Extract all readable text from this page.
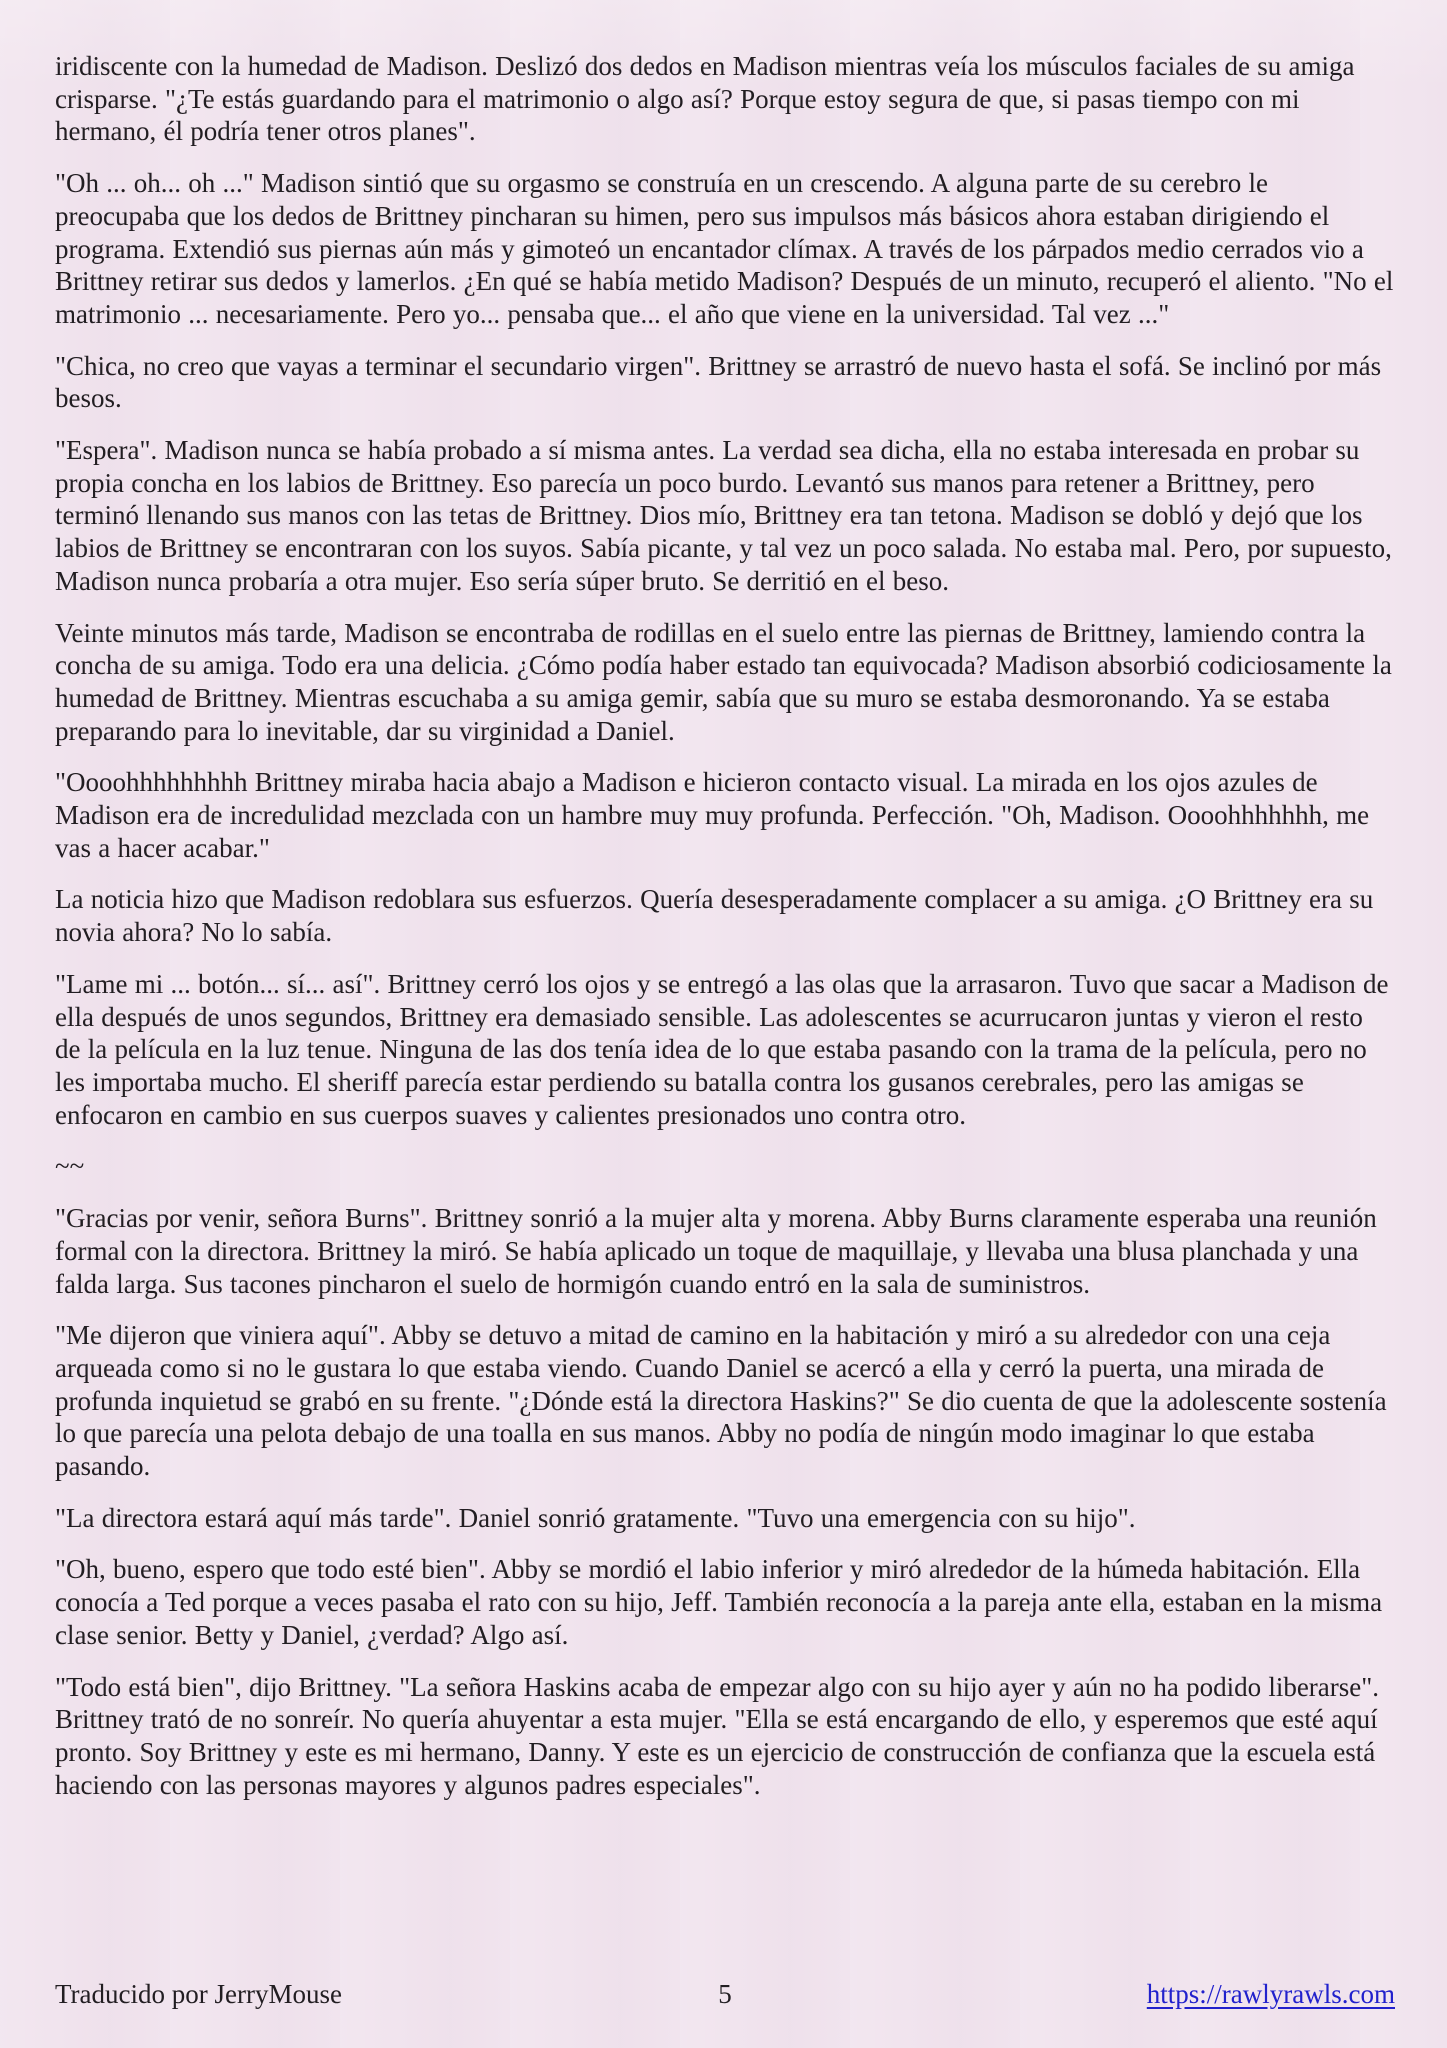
iridiscente con la humedad de Madison. Deslizó dos dedos en Madison mientras veía los músculos faciales de su amiga crisparse. "¿Te estás guardando para el matrimonio o algo así? Porque estoy segura de que, si pasas tiempo con mi hermano, él podría tener otros planes".

"Oh ... oh... oh ..." Madison sintió que su orgasmo se construía en un crescendo. A alguna parte de su cerebro le preocupaba que los dedos de Brittney pincharan su himen, pero sus impulsos más básicos ahora estaban dirigiendo el programa. Extendió sus piernas aún más y gimoteó un encantador clímax. A través de los párpados medio cerrados vio a Brittney retirar sus dedos y lamerlos. ¿En qué se había metido Madison? Después de un minuto, recuperó el aliento. "No el matrimonio ... necesariamente. Pero yo... pensaba que... el año que viene en la universidad. Tal vez ..."

"Chica, no creo que vayas a terminar el secundario virgen". Brittney se arrastró de nuevo hasta el sofá. Se inclinó por más besos.

"Espera". Madison nunca se había probado a sí misma antes. La verdad sea dicha, ella no estaba interesada en probar su propia concha en los labios de Brittney. Eso parecía un poco burdo. Levantó sus manos para retener a Brittney, pero terminó llenando sus manos con las tetas de Brittney. Dios mío, Brittney era tan tetona. Madison se dobló y dejó que los labios de Brittney se encontraran con los suyos. Sabía picante, y tal vez un poco salada. No estaba mal. Pero, por supuesto, Madison nunca probaría a otra mujer. Eso sería súper bruto. Se derritió en el beso.

Veinte minutos más tarde, Madison se encontraba de rodillas en el suelo entre las piernas de Brittney, lamiendo contra la concha de su amiga. Todo era una delicia. ¿Cómo podía haber estado tan equivocada? Madison absorbió codiciosamente la humedad de Brittney. Mientras escuchaba a su amiga gemir, sabía que su muro se estaba desmoronando. Ya se estaba preparando para lo inevitable, dar su virginidad a Daniel.

"Oooohhhhhhhhh Brittney miraba hacia abajo a Madison e hicieron contacto visual. La mirada en los ojos azules de Madison era de incredulidad mezclada con un hambre muy muy profunda. Perfección. "Oh, Madison. Oooohhhhhhh, me vas a hacer acabar."

La noticia hizo que Madison redoblara sus esfuerzos. Quería desesperadamente complacer a su amiga. ¿O Brittney era su novia ahora? No lo sabía.

"Lame mi ... botón... sí... así". Brittney cerró los ojos y se entregó a las olas que la arrasaron. Tuvo que sacar a Madison de ella después de unos segundos, Brittney era demasiado sensible. Las adolescentes se acurrucaron juntas y vieron el resto de la película en la luz tenue. Ninguna de las dos tenía idea de lo que estaba pasando con la trama de la película, pero no les importaba mucho. El sheriff parecía estar perdiendo su batalla contra los gusanos cerebrales, pero las amigas se enfocaron en cambio en sus cuerpos suaves y calientes presionados uno contra otro.

~~

"Gracias por venir, señora Burns". Brittney sonrió a la mujer alta y morena. Abby Burns claramente esperaba una reunión formal con la directora. Brittney la miró. Se había aplicado un toque de maquillaje, y llevaba una blusa planchada y una falda larga. Sus tacones pincharon el suelo de hormigón cuando entró en la sala de suministros.

"Me dijeron que viniera aquí". Abby se detuvo a mitad de camino en la habitación y miró a su alrededor con una ceja arqueada como si no le gustara lo que estaba viendo. Cuando Daniel se acercó a ella y cerró la puerta, una mirada de profunda inquietud se grabó en su frente. "¿Dónde está la directora Haskins?" Se dio cuenta de que la adolescente sostenía lo que parecía una pelota debajo de una toalla en sus manos. Abby no podía de ningún modo imaginar lo que estaba pasando.

"La directora estará aquí más tarde". Daniel sonrió gratamente. "Tuvo una emergencia con su hijo".

"Oh, bueno, espero que todo esté bien". Abby se mordió el labio inferior y miró alrededor de la húmeda habitación. Ella conocía a Ted porque a veces pasaba el rato con su hijo, Jeff. También reconocía a la pareja ante ella, estaban en la misma clase senior. Betty y Daniel, ¿verdad? Algo así.

"Todo está bien", dijo Brittney. "La señora Haskins acaba de empezar algo con su hijo ayer y aún no ha podido liberarse". Brittney trató de no sonreír. No quería ahuyentar a esta mujer. "Ella se está encargando de ello, y esperemos que esté aquí pronto. Soy Brittney y este es mi hermano, Danny. Y este es un ejercicio de construcción de confianza que la escuela está haciendo con las personas mayores y algunos padres especiales".

Traducido por JerryMouse	5	https://rawlyrawls.com
